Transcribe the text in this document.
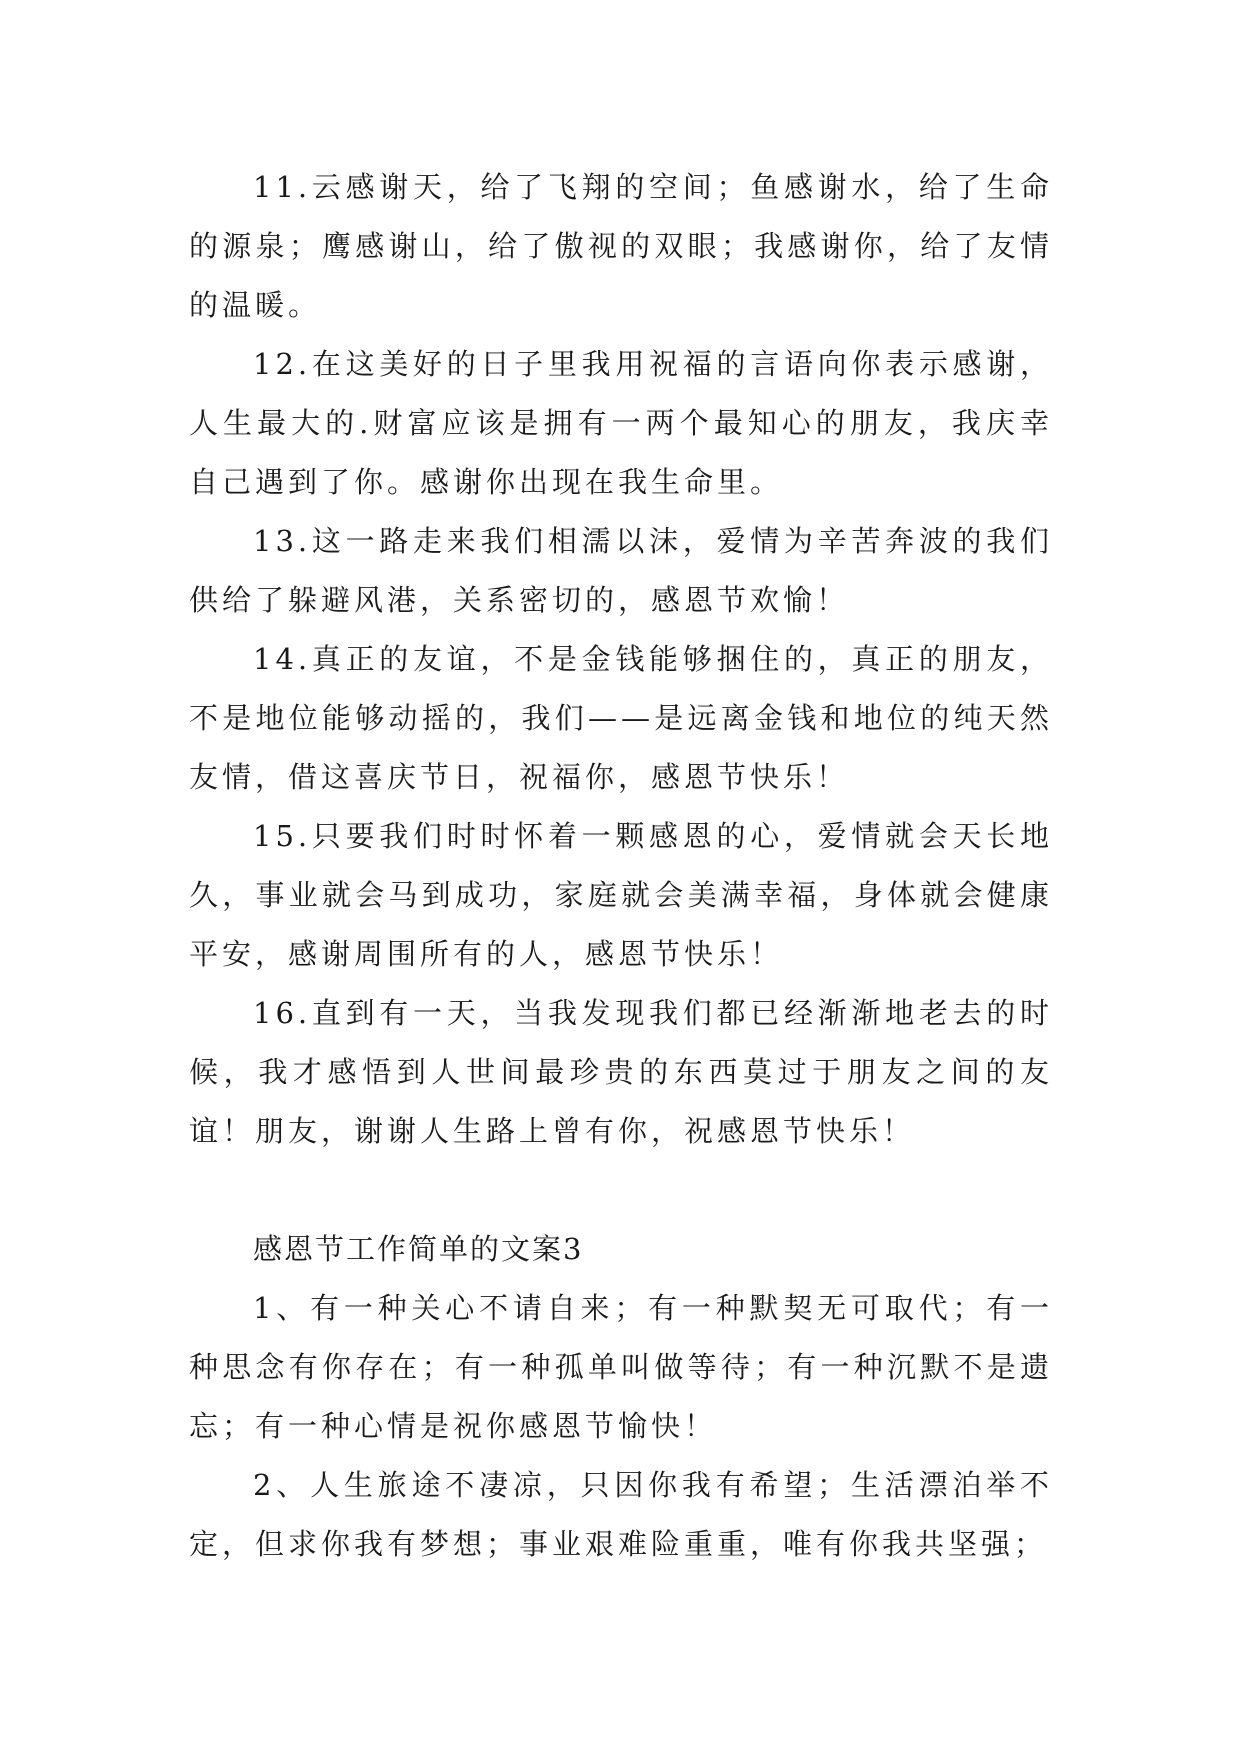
11.云感谢天，给了飞翔的空间；鱼感谢水，给了生命的源泉；鹰感谢山，给了傲视的双眼；我感谢你，给了友情的温暖。

12.在这美好的日子里我用祝福的言语向你表示感谢，人生最大的.财富应该是拥有一两个最知心的朋友，我庆幸自己遇到了你。感谢你出现在我生命里。

13.这一路走来我们相濡以沫，爱情为辛苦奔波的我们供给了躲避风港，关系密切的，感恩节欢愉！

14.真正的友谊，不是金钱能够捆住的，真正的朋友，不是地位能够动摇的，我们——是远离金钱和地位的纯天然友情，借这喜庆节日，祝福你，感恩节快乐！

15.只要我们时时怀着一颗感恩的心，爱情就会天长地久，事业就会马到成功，家庭就会美满幸福，身体就会健康平安，感谢周围所有的人，感恩节快乐！

16.直到有一天，当我发现我们都已经渐渐地老去的时候，我才感悟到人世间最珍贵的东西莫过于朋友之间的友谊！朋友，谢谢人生路上曾有你，祝感恩节快乐！

感恩节工作简单的文案3

1、有一种关心不请自来；有一种默契无可取代；有一种思念有你存在；有一种孤单叫做等待；有一种沉默不是遗忘；有一种心情是祝你感恩节愉快！

2、人生旅途不凄凉，只因你我有希望；生活漂泊举不定，但求你我有梦想；事业艰难险重重，唯有你我共坚强；
